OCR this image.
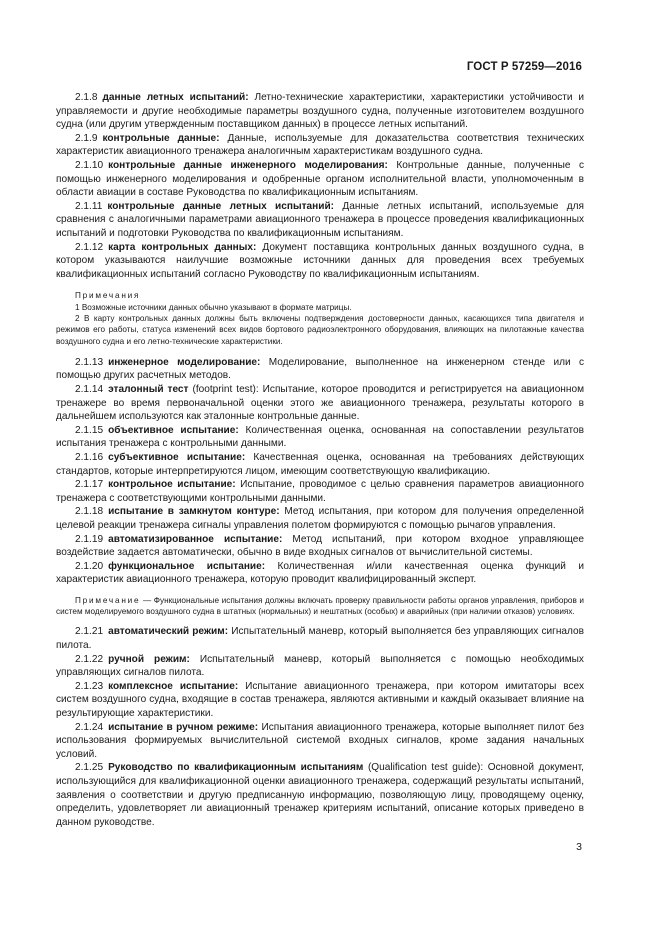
ГОСТ Р 57259—2016

2.1.8 данные летных испытаний: Летно-технические характеристики, характеристики устойчивости и управляемости и другие необходимые параметры воздушного судна, полученные изготовителем воздушного судна (или другим утвержденным поставщиком данных) в процессе летных испытаний.

2.1.9 контрольные данные: Данные, используемые для доказательства соответствия технических характеристик авиационного тренажера аналогичным характеристикам воздушного судна.

2.1.10 контрольные данные инженерного моделирования: Контрольные данные, полученные с помощью инженерного моделирования и одобренные органом исполнительной власти, уполномоченным в области авиации в составе Руководства по квалификационным испытаниям.

2.1.11 контрольные данные летных испытаний: Данные летных испытаний, используемые для сравнения с аналогичными параметрами авиационного тренажера в процессе проведения квалификационных испытаний и подготовки Руководства по квалификационным испытаниям.

2.1.12 карта контрольных данных: Документ поставщика контрольных данных воздушного судна, в котором указываются наилучшие возможные источники данных для проведения всех требуемых квалификационных испытаний согласно Руководству по квалификационным испытаниям.

Примечания

1 Возможные источники данных обычно указывают в формате матрицы.

2 В карту контрольных данных должны быть включены подтверждения достоверности данных, касающихся типа двигателя и режимов его работы, статуса изменений всех видов бортового радиоэлектронного оборудования, влияющих на пилотажные качества воздушного судна и его летно-технические характеристики.

2.1.13 инженерное моделирование: Моделирование, выполненное на инженерном стенде или с помощью других расчетных методов.

2.1.14 эталонный тест (footprint test): Испытание, которое проводится и регистрируется на авиационном тренажере во время первоначальной оценки этого же авиационного тренажера, результаты которого в дальнейшем используются как эталонные контрольные данные.

2.1.15 объективное испытание: Количественная оценка, основанная на сопоставлении результатов испытания тренажера с контрольными данными.

2.1.16 субъективное испытание: Качественная оценка, основанная на требованиях действующих стандартов, которые интерпретируются лицом, имеющим соответствующую квалификацию.

2.1.17 контрольное испытание: Испытание, проводимое с целью сравнения параметров авиационного тренажера с соответствующими контрольными данными.

2.1.18 испытание в замкнутом контуре: Метод испытания, при котором для получения определенной целевой реакции тренажера сигналы управления полетом формируются с помощью рычагов управления.

2.1.19 автоматизированное испытание: Метод испытаний, при котором входное управляющее воздействие задается автоматически, обычно в виде входных сигналов от вычислительной системы.

2.1.20 функциональное испытание: Количественная и/или качественная оценка функций и характеристик авиационного тренажера, которую проводит квалифицированный эксперт.

Примечание — Функциональные испытания должны включать проверку правильности работы органов управления, приборов и систем моделируемого воздушного судна в штатных (нормальных) и нештатных (особых) и аварийных (при наличии отказов) условиях.

2.1.21 автоматический режим: Испытательный маневр, который выполняется без управляющих сигналов пилота.

2.1.22 ручной режим: Испытательный маневр, который выполняется с помощью необходимых управляющих сигналов пилота.

2.1.23 комплексное испытание: Испытание авиационного тренажера, при котором имитаторы всех систем воздушного судна, входящие в состав тренажера, являются активными и каждый оказывает влияние на результирующие характеристики.

2.1.24 испытание в ручном режиме: Испытания авиационного тренажера, которые выполняет пилот без использования формируемых вычислительной системой входных сигналов, кроме задания начальных условий.

2.1.25 Руководство по квалификационным испытаниям (Qualification test guide): Основной документ, использующийся для квалификационной оценки авиационного тренажера, содержащий результаты испытаний, заявления о соответствии и другую предписанную информацию, позволяющую лицу, проводящему оценку, определить, удовлетворяет ли авиационный тренажер критериям испытаний, описание которых приведено в данном руководстве.

3
